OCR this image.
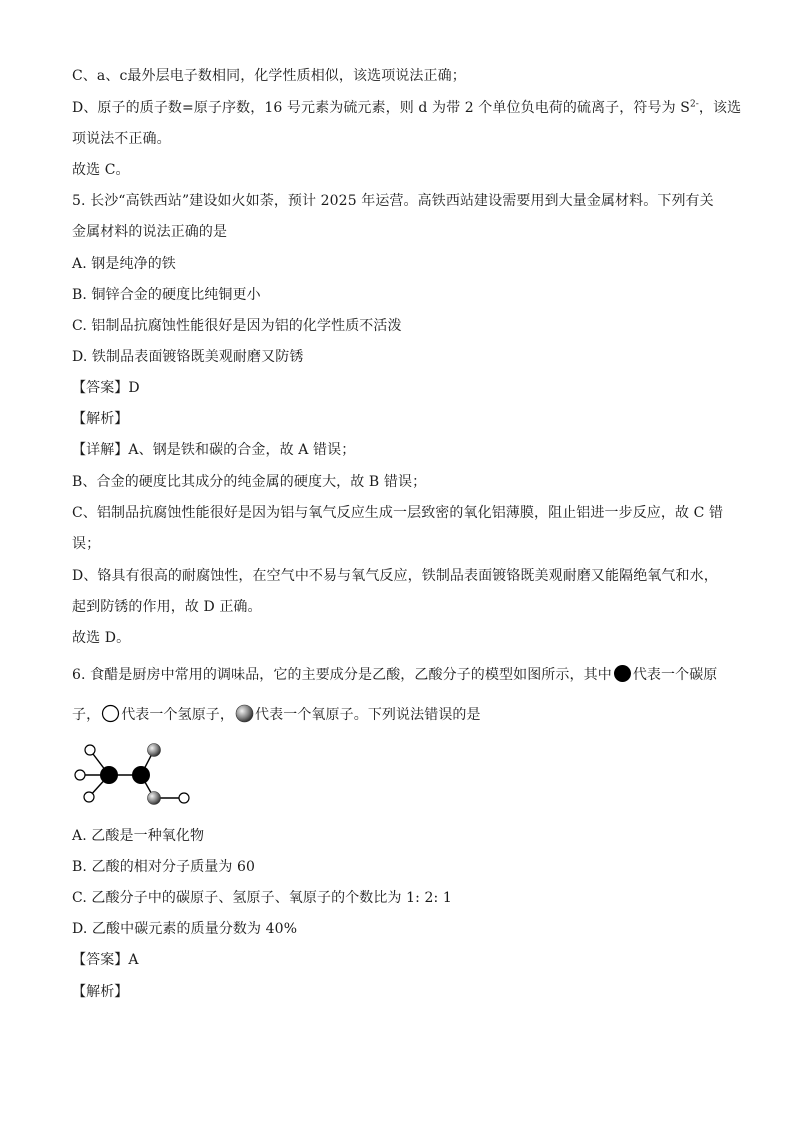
C、a、c最外层电子数相同，化学性质相似，该选项说法正确；
D、原子的质子数=原子序数，16 号元素为硫元素，则 d 为带 2 个单位负电荷的硫离子，符号为 $S^{2-}$，该选
项说法不正确。
故选 C。
5. 长沙“高铁西站”建设如火如荼，预计 2025 年运营。高铁西站建设需要用到大量金属材料。下列有关
金属材料的说法正确的是
A. 钢是纯净的铁
B. 铜锌合金的硬度比纯铜更小
C. 铝制品抗腐蚀性能很好是因为铝的化学性质不活泼
D. 铁制品表面镀铬既美观耐磨又防锈
【答案】D
【解析】
【详解】A、钢是铁和碳的合金，故 A 错误；
B、合金的硬度比其成分的纯金属的硬度大，故 B 错误；
C、铝制品抗腐蚀性能很好是因为铝与氧气反应生成一层致密的氧化铝薄膜，阻止铝进一步反应，故 C 错
误；
D、铬具有很高的耐腐蚀性，在空气中不易与氧气反应，铁制品表面镀铬既美观耐磨又能隔绝氧气和水，
起到防锈的作用，故 D 正确。
故选 D。
6. 食醋是厨房中常用的调味品，它的主要成分是乙酸，乙酸分子的模型如图所示，其中 代表一个碳原
子， 代表一个氢原子， 代表一个氧原子。下列说法错误的是
A. 乙酸是一种氧化物
B. 乙酸的相对分子质量为 60
C. 乙酸分子中的碳原子、氢原子、氧原子的个数比为 1: 2: 1
D. 乙酸中碳元素的质量分数为 40%
【答案】A
【解析】
